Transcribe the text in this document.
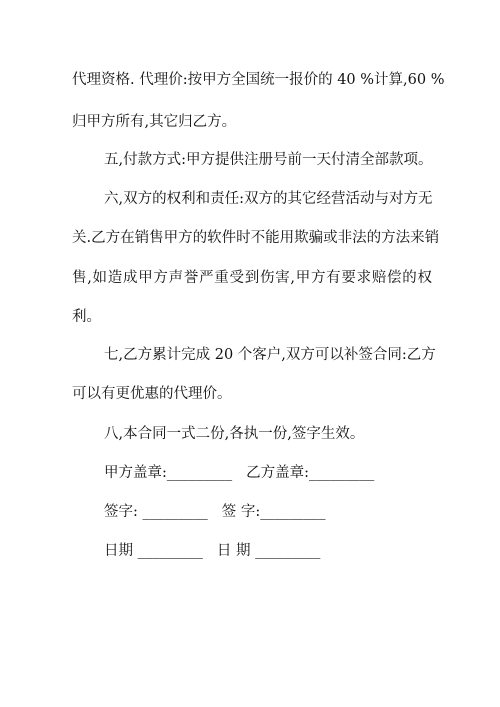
代理资格. 代理价:按甲方全国统一报价的 40 %计算,60 %
归甲方所有,其它归乙方。
五,付款方式:甲方提供注册号前一天付清全部款项。
六,双方的权利和责任:双方的其它经营活动与对方无
关.乙方在销售甲方的软件时不能用欺骗或非法的方法来销
售,如造成甲方声誉严重受到伤害,甲方有要求赔偿的权
利。
七,乙方累计完成 20 个客户,双方可以补签合同:乙方
可以有更优惠的代理价。
八,本合同一式二份,各执一份,签字生效。
甲方盖章:_________ 乙方盖章:_________
签字: _________ 签 字:_________
日期 _________ 日 期 _________
